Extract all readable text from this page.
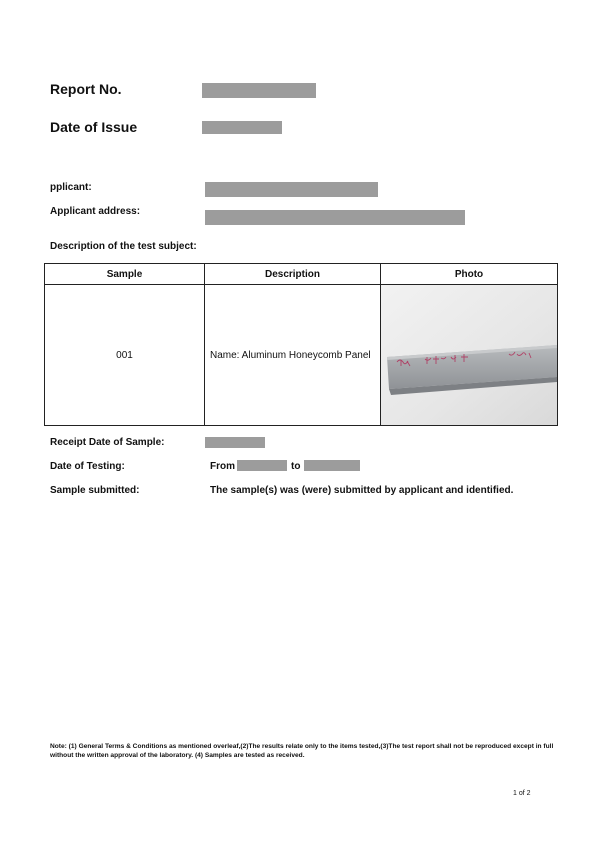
Report No.
Date of Issue
pplicant:
Applicant address:
Description of the test subject:
Sample	Description	Photo
001	Name: Aluminum Honeycomb Panel	
Receipt Date of Sample:
Date of Testing:	From	to
Sample submitted:	The sample(s) was (were) submitted by applicant and identified.
Note: (1) General Terms & Conditions as mentioned overleaf,(2)The results relate only to the items tested,(3)The test report shall not be reproduced except in full without the written approval of the laboratory. (4) Samples are tested as received.
1 of 2
